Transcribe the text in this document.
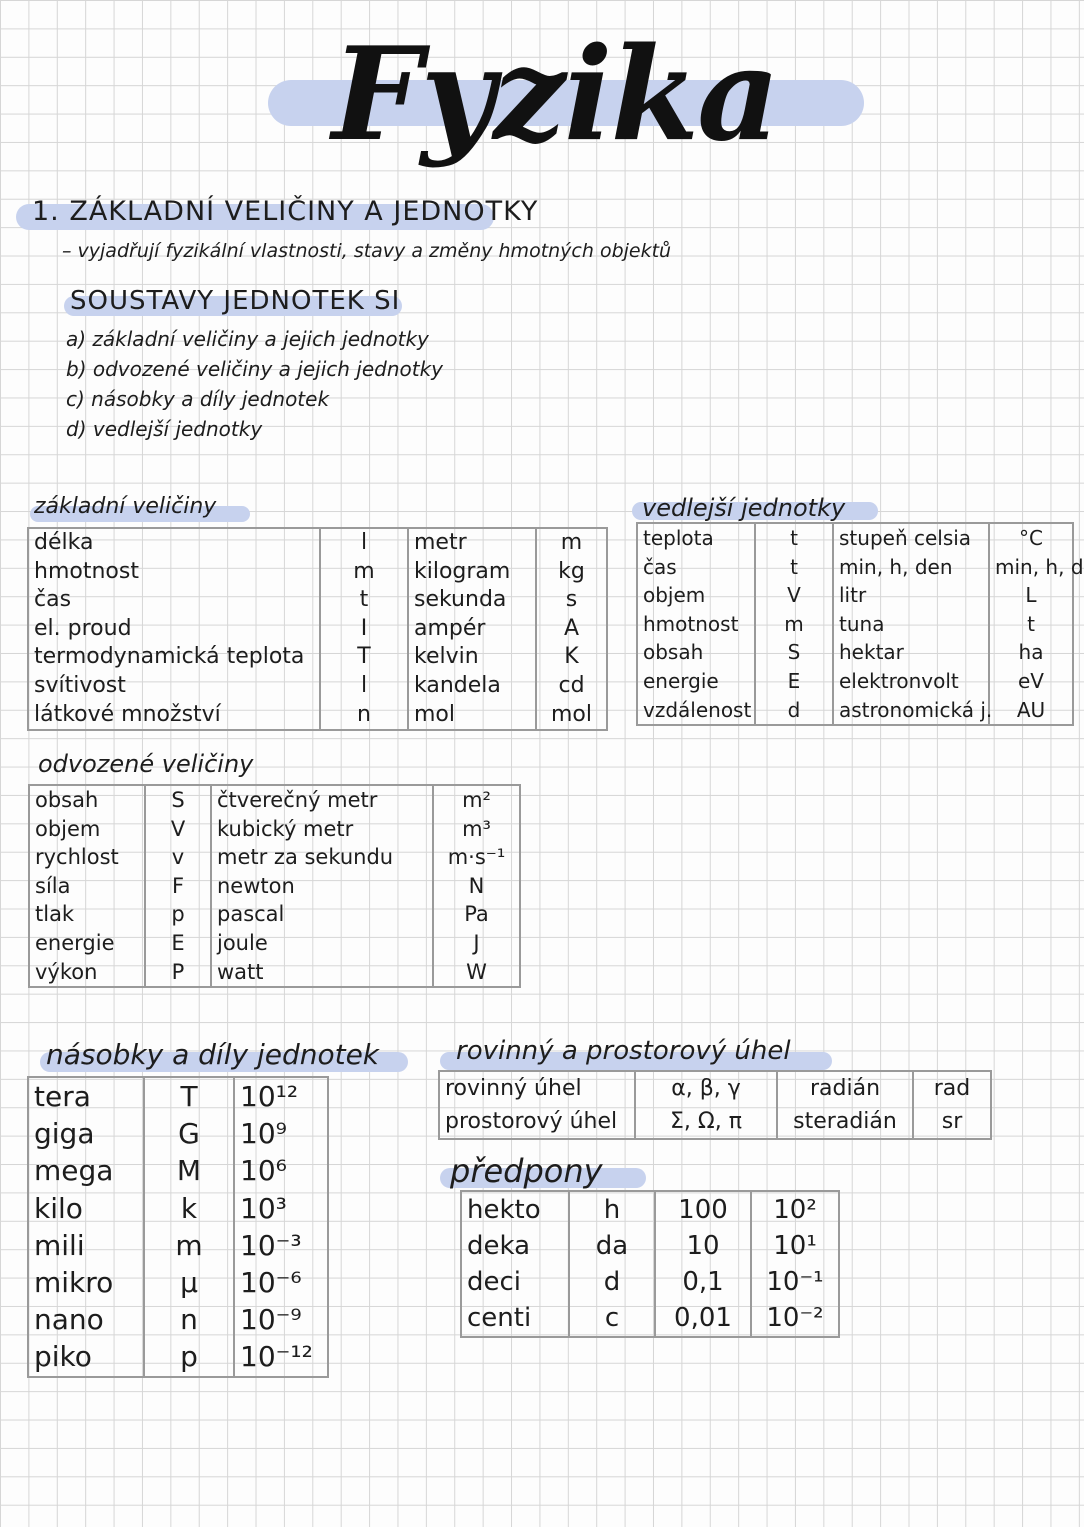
Fyzika
1. ZÁKLADNÍ VELIČINY A JEDNOTKY
– vyjadřují fyzikální vlastnosti, stavy a změny hmotných objektů
SOUSTAVY JEDNOTEK SI
a) základní veličiny a jejich jednotky
b) odvozené veličiny a jejich jednotky
c) násobky a díly jednotek
d) vedlejší jednotky
základní veličiny
délka	l	metr	m
hmotnost	m	kilogram	kg
čas	t	sekunda	s
el. proud	I	ampér	A
termodynamická teplota	T	kelvin	K
svítivost	l	kandela	cd
látkové množství	n	mol	mol
vedlejší jednotky
teplota	t	stupeň celsia	°C
čas	t	min, h, den	min, h, d
objem	V	litr	L
hmotnost	m	tuna	t
obsah	S	hektar	ha
energie	E	elektronvolt	eV
vzdálenost	d	astronomická j.	AU
odvozené veličiny
obsah	S	čtverečný metr	m²
objem	V	kubický metr	m³
rychlost	v	metr za sekundu	m·s⁻¹
síla	F	newton	N
tlak	p	pascal	Pa
energie	E	joule	J
výkon	P	watt	W
násobky a díly jednotek
tera	T	10¹²
giga	G	10⁹
mega	M	10⁶
kilo	k	10³
mili	m	10⁻³
mikro	μ	10⁻⁶
nano	n	10⁻⁹
piko	p	10⁻¹²
rovinný a prostorový úhel
rovinný úhel	α, β, γ	radián	rad
prostorový úhel	Σ, Ω, π	steradián	sr
předpony
hekto	h	100	10²
deka	da	10	10¹
deci	d	0,1	10⁻¹
centi	c	0,01	10⁻²
